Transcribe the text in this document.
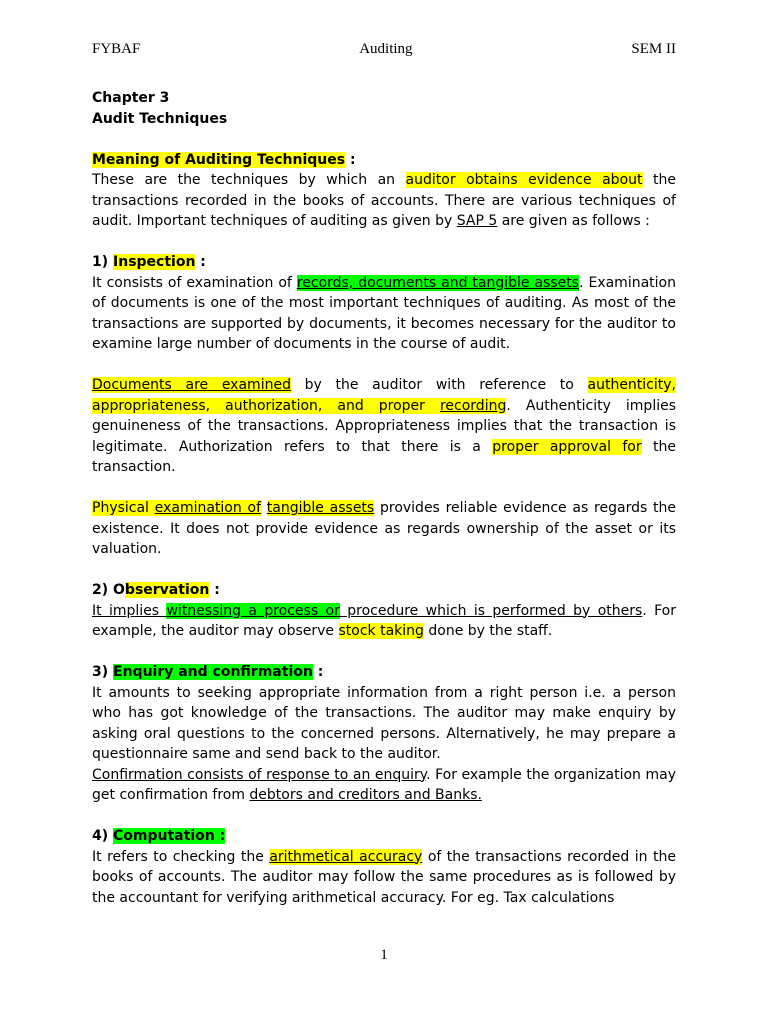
FYBAF	Auditing	SEM II

Chapter 3

Audit Techniques

Meaning of Auditing Techniques :

These are the techniques by which an auditor obtains evidence about the transactions recorded in the books of accounts. There are various techniques of audit. Important techniques of auditing as given by SAP 5 are given as follows :

1) Inspection :

It consists of examination of records, documents and tangible assets. Examination of documents is one of the most important techniques of auditing. As most of the transactions are supported by documents, it becomes necessary for the auditor to examine large number of documents in the course of audit.

Documents are examined by the auditor with reference to authenticity, appropriateness, authorization, and proper recording. Authenticity implies genuineness of the transactions. Appropriateness implies that the transaction is legitimate. Authorization refers to that there is a proper approval for the transaction.

Physical examination of tangible assets provides reliable evidence as regards the existence. It does not provide evidence as regards ownership of the asset or its valuation.

2) Observation :

It implies witnessing a process or procedure which is performed by others. For example, the auditor may observe stock taking done by the staff.

3) Enquiry and confirmation :

It amounts to seeking appropriate information from a right person i.e. a person who has got knowledge of the transactions. The auditor may make enquiry by asking oral questions to the concerned persons. Alternatively, he may prepare a questionnaire same and send back to the auditor.

Confirmation consists of response to an enquiry. For example the organization may get confirmation from debtors and creditors and Banks.

4) Computation :

It refers to checking the arithmetical accuracy of the transactions recorded in the books of accounts. The auditor may follow the same procedures as is followed by the accountant for verifying arithmetical accuracy. For eg. Tax calculations

1
